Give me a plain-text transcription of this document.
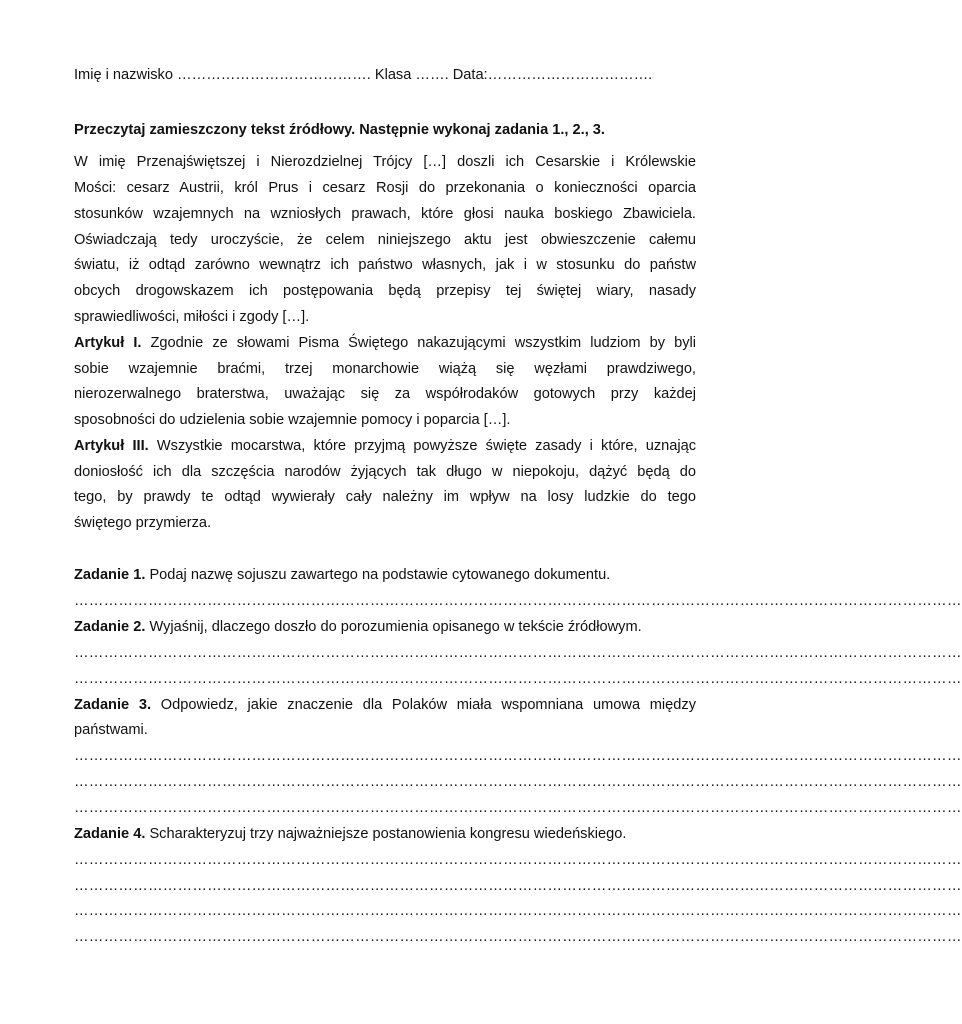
Imię i nazwisko …………………………………. Klasa ……. Data:…………………………….
Przeczytaj zamieszczony tekst źródłowy. Następnie wykonaj zadania 1., 2., 3.
W imię Przenajświętszej i Nierozdzielnej Trójcy […] doszli ich Cesarskie i Królewskie
Mości: cesarz Austrii, król Prus i cesarz Rosji do przekonania o konieczności oparcia
stosunków wzajemnych na wzniosłych prawach, które głosi nauka boskiego Zbawiciela.
Oświadczają tedy uroczyście, że celem niniejszego aktu jest obwieszczenie całemu
światu, iż odtąd zarówno wewnątrz ich państwo własnych, jak i w stosunku do państw
obcych drogowskazem ich postępowania będą przepisy tej świętej wiary, nasady
sprawiedliwości, miłości i zgody […].
Artykuł I. Zgodnie ze słowami Pisma Świętego nakazującymi wszystkim ludziom by byli
sobie wzajemnie braćmi, trzej monarchowie wiążą się węzłami prawdziwego,
nierozerwalnego braterstwa, uważając się za współrodaków gotowych przy każdej
sposobności do udzielenia sobie wzajemnie pomocy i poparcia […].
Artykuł III. Wszystkie mocarstwa, które przyjmą powyższe święte zasady i które, uznając
doniosłość ich dla szczęścia narodów żyjących tak długo w niepokoju, dążyć będą do
tego, by prawdy te odtąd wywierały cały należny im wpływ na losy ludzkie do tego
świętego przymierza.
Zadanie 1. Podaj nazwę sojuszu zawartego na podstawie cytowanego dokumentu.
………………………………………………………………………………………………………………………………………………………………
Zadanie 2. Wyjaśnij, dlaczego doszło do porozumienia opisanego w tekście źródłowym.
………………………………………………………………………………………………………………………………………………………………
………………………………………………………………………………………………………………………………………………………………
Zadanie 3. Odpowiedz, jakie znaczenie dla Polaków miała wspomniana umowa między
państwami.
………………………………………………………………………………………………………………………………………………………………
………………………………………………………………………………………………………………………………………………………………
………………………………………………………………………………………………………………………………………………………………
Zadanie 4. Scharakteryzuj trzy najważniejsze postanowienia kongresu wiedeńskiego.
………………………………………………………………………………………………………………………………………………………………
………………………………………………………………………………………………………………………………………………………………
………………………………………………………………………………………………………………………………………………………………
………………………………………………………………………………………………………………………………………………………………
